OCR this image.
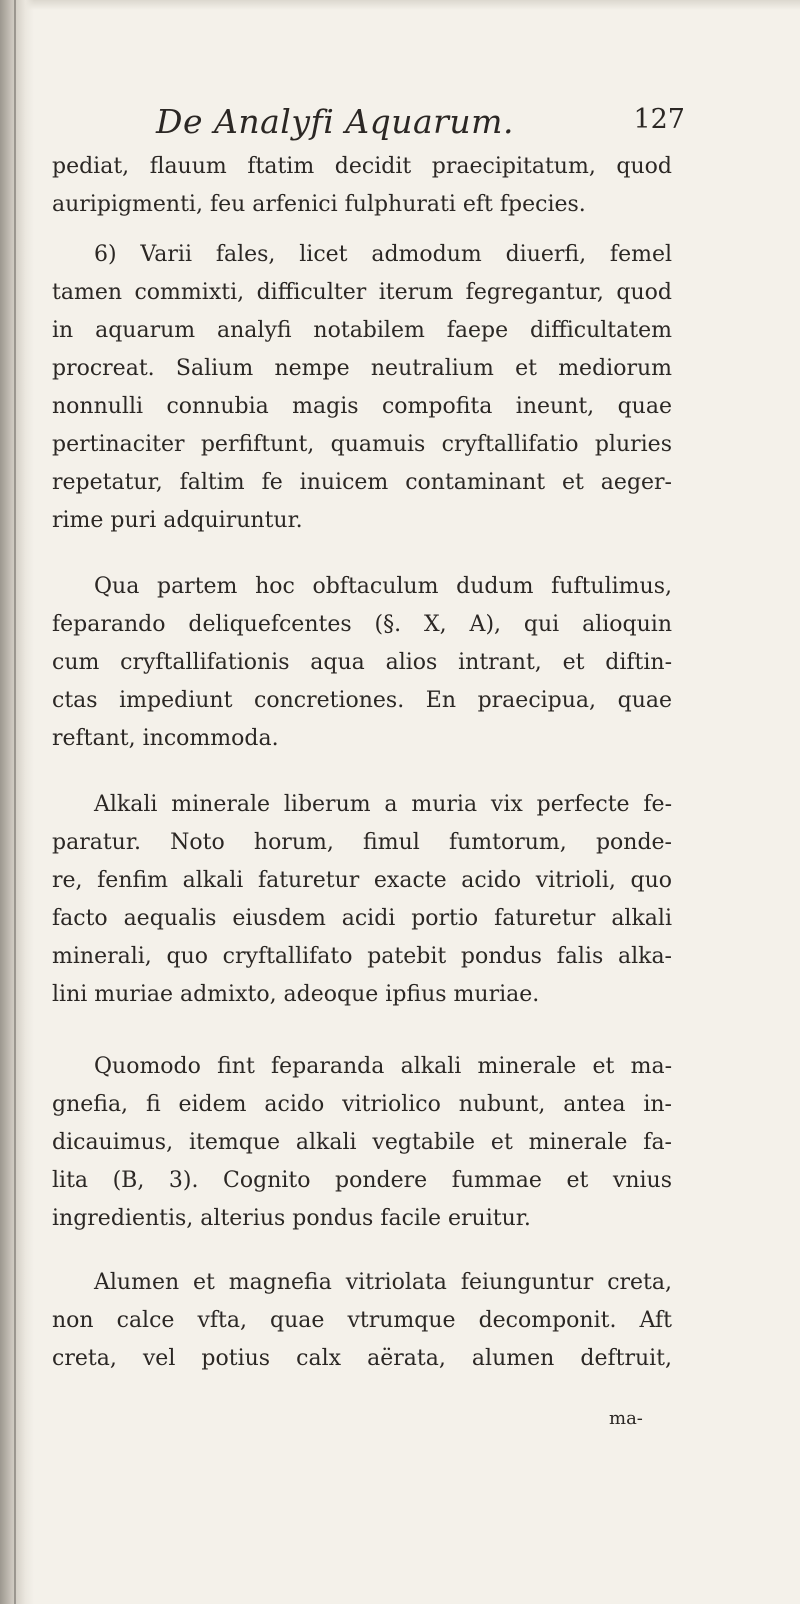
De Analyfi Aquarum.	127
pediat, flauum ftatim decidit praecipitatum, quod
auripigmenti, feu arfenici fulphurati eft fpecies.
6) Varii fales, licet admodum diuerfi, femel
tamen commixti, difficulter iterum fegregantur, quod
in aquarum analyfi notabilem faepe difficultatem
procreat. Salium nempe neutralium et mediorum
nonnulli connubia magis compofita ineunt, quae
pertinaciter perfiftunt, quamuis cryftallifatio pluries
repetatur, faltim fe inuicem contaminant et aeger-
rime puri adquiruntur.
Qua partem hoc obftaculum dudum fuftulimus,
feparando deliquefcentes (§. X, A), qui alioquin
cum cryftallifationis aqua alios intrant, et diftin-
ctas impediunt concretiones. En praecipua, quae
reftant, incommoda.
Alkali minerale liberum a muria vix perfecte fe-
paratur. Noto horum, fimul fumtorum, ponde-
re, fenfim alkali faturetur exacte acido vitrioli, quo
facto aequalis eiusdem acidi portio faturetur alkali
minerali, quo cryftallifato patebit pondus falis alka-
lini muriae admixto, adeoque ipfius muriae.
Quomodo fint feparanda alkali minerale et ma-
gnefia, fi eidem acido vitriolico nubunt, antea in-
dicauimus, itemque alkali vegtabile et minerale fa-
lita (B, 3). Cognito pondere fummae et vnius
ingredientis, alterius pondus facile eruitur.
Alumen et magnefia vitriolata feiunguntur creta,
non calce vfta, quae vtrumque decomponit. Aft
creta, vel potius calx aërata, alumen deftruit,
ma-
